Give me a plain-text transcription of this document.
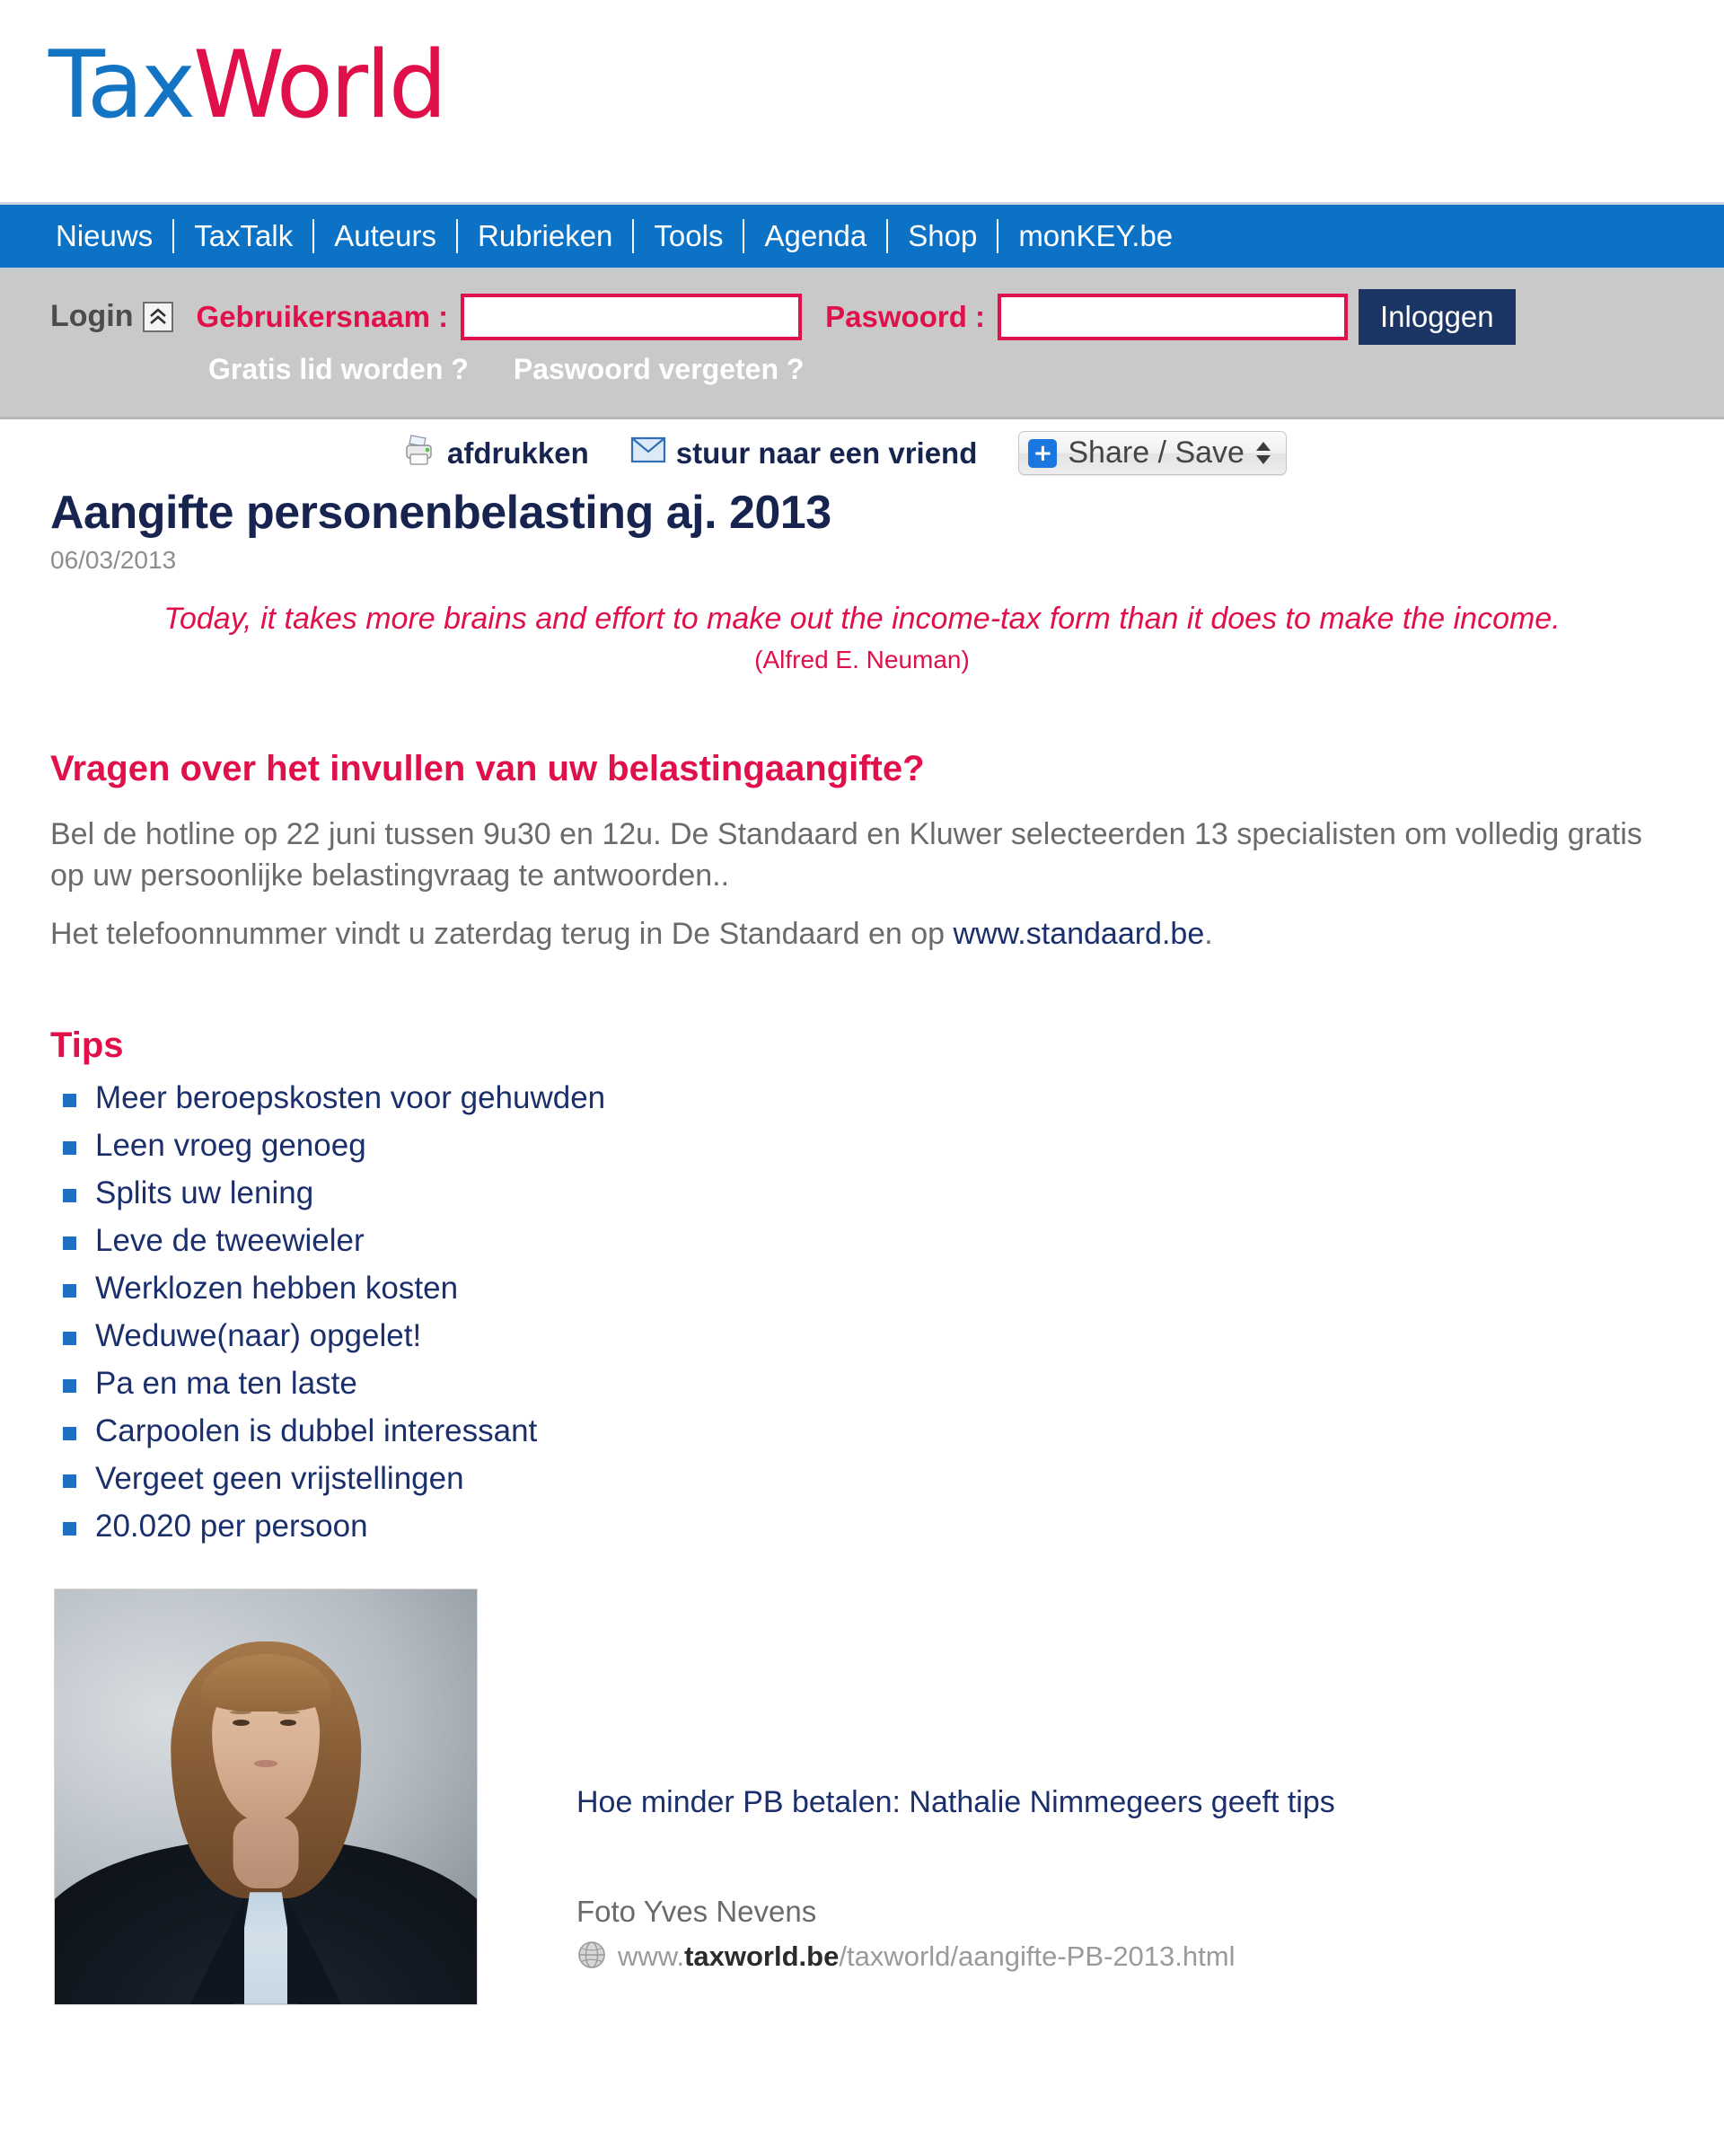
TaxWorld
Nieuws	TaxTalk	Auteurs	Rubrieken	Tools	Agenda	Shop	monKEY.be
Login Gebruikersnaam :	Paswoord :	Inloggen
Gratis lid worden ? Paswoord vergeten ?
afdrukken	stuur naar een vriend + Share / Save
Aangifte personenbelasting aj. 2013
06/03/2013
Today, it takes more brains and effort to make out the income-tax form than it does to make the income.
(Alfred E. Neuman)
Vragen over het invullen van uw belastingaangifte?

Bel de hotline op 22 juni tussen 9u30 en 12u. De Standaard en Kluwer selecteerden 13 specialisten om volledig gratis op uw persoonlijke belastingvraag te antwoorden..

Het telefoonnummer vindt u zaterdag terug in De Standaard en op www.standaard.be.

Tips
Meer beroepskosten voor gehuwden
Leen vroeg genoeg
Splits uw lening
Leve de tweewieler
Werklozen hebben kosten
Weduwe(naar) opgelet!
Pa en ma ten laste
Carpoolen is dubbel interessant
Vergeet geen vrijstellingen
20.020 per persoon
Hoe minder PB betalen: Nathalie Nimmegeers geeft tips
Foto Yves Nevens
www.taxworld.be/taxworld/aangifte-PB-2013.html
